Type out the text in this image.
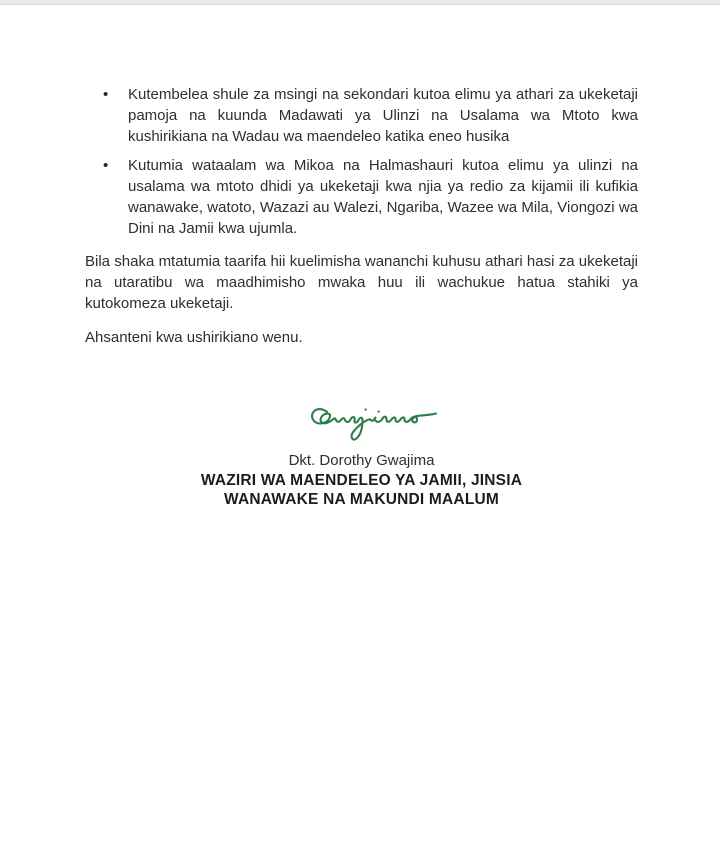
• Kutembelea shule za msingi na sekondari kutoa elimu ya athari za ukeketaji pamoja na kuunda Madawati ya Ulinzi na Usalama wa Mtoto kwa kushirikiana na Wadau wa maendeleo katika eneo husika
• Kutumia wataalam wa Mikoa na Halmashauri kutoa elimu ya ulinzi na usalama wa mtoto dhidi ya ukeketaji kwa njia ya redio za kijamii ili kufikia wanawake, watoto, Wazazi au Walezi, Ngariba, Wazee wa Mila, Viongozi wa Dini na Jamii kwa ujumla.

Bila shaka mtatumia taarifa hii kuelimisha wananchi kuhusu athari hasi za ukeketaji na utaratibu wa maadhimisho mwaka huu ili wachukue hatua stahiki ya kutokomeza ukeketaji.

Ahsanteni kwa ushirikiano wenu.

Dkt. Dorothy Gwajima
WAZIRI WA MAENDELEO YA JAMII, JINSIA
WANAWAKE NA MAKUNDI MAALUM
